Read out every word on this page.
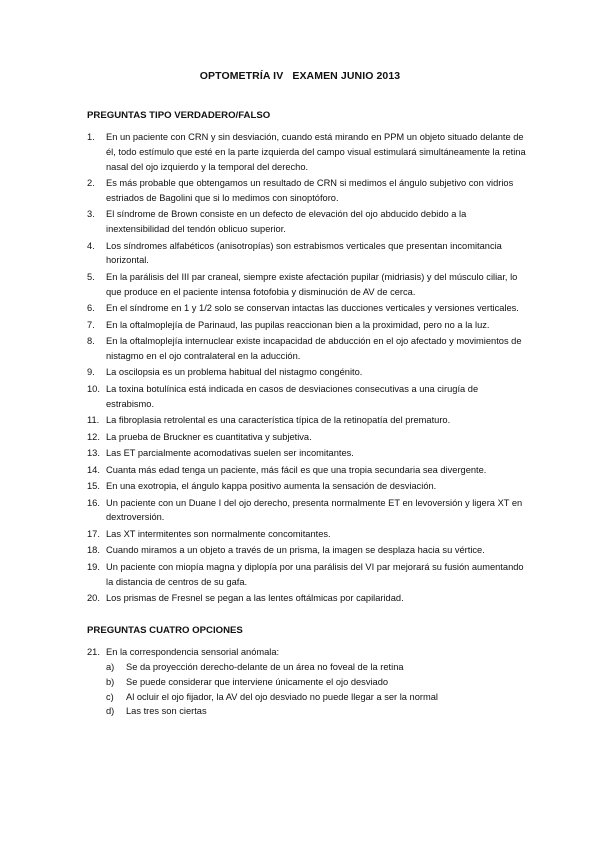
OPTOMETRÍA IV EXAMEN JUNIO 2013
PREGUNTAS TIPO VERDADERO/FALSO
1.	En un paciente con CRN y sin desviación, cuando está mirando en PPM un objeto situado delante de él, todo estímulo que esté en la parte izquierda del campo visual estimulará simultáneamente la retina nasal del ojo izquierdo y la temporal del derecho.
2.	Es más probable que obtengamos un resultado de CRN si medimos el ángulo subjetivo con vidrios estriados de Bagolini que si lo medimos con sinoptóforo.
3.	El síndrome de Brown consiste en un defecto de elevación del ojo abducido debido a la inextensibilidad del tendón oblicuo superior.
4.	Los síndromes alfabéticos (anisotropías) son estrabismos verticales que presentan incomitancia horizontal.
5.	En la parálisis del III par craneal, siempre existe afectación pupilar (midriasis) y del músculo ciliar, lo que produce en el paciente intensa fotofobia y disminución de AV de cerca.
6.	En el síndrome en 1 y 1/2 solo se conservan intactas las ducciones verticales y versiones verticales.
7.	En la oftalmoplejía de Parinaud, las pupilas reaccionan bien a la proximidad, pero no a la luz.
8.	En la oftalmoplejía internuclear existe incapacidad de abducción en el ojo afectado y movimientos de nistagmo en el ojo contralateral en la aducción.
9.	La oscilopsia es un problema habitual del nistagmo congénito.
10. La toxina botulínica está indicada en casos de desviaciones consecutivas a una cirugía de estrabismo.
11. La fibroplasia retrolental es una característica típica de la retinopatía del prematuro.
12. La prueba de Bruckner es cuantitativa y subjetiva.
13. Las ET parcialmente acomodativas suelen ser incomitantes.
14. Cuanta más edad tenga un paciente, más fácil es que una tropia secundaria sea divergente.
15. En una exotropia, el ángulo kappa positivo aumenta la sensación de desviación.
16. Un paciente con un Duane I del ojo derecho, presenta normalmente ET en levoversión y ligera XT en dextroversión.
17. Las XT intermitentes son normalmente concomitantes.
18. Cuando miramos a un objeto a través de un prisma, la imagen se desplaza hacia su vértice.
19. Un paciente con miopía magna y diplopía por una parálisis del VI par mejorará su fusión aumentando la distancia de centros de su gafa.
20. Los prismas de Fresnel se pegan a las lentes oftálmicas por capilaridad.
PREGUNTAS CUATRO OPCIONES
21. En la correspondencia sensorial anómala:
a) Se da proyección derecho-delante de un área no foveal de la retina
b) Se puede considerar que interviene únicamente el ojo desviado
c) Al ocluir el ojo fijador, la AV del ojo desviado no puede llegar a ser la normal
d) Las tres son ciertas
